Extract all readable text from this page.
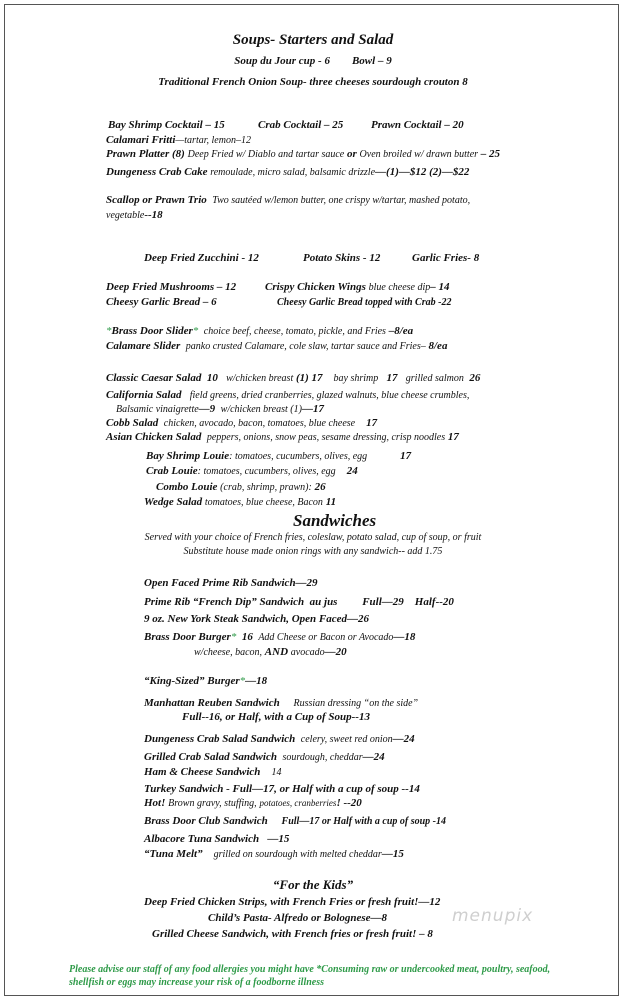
Soups- Starters and Salad
Soup du Jour cup - 6 Bowl – 9
Traditional French Onion Soup- three cheeses sourdough crouton 8
Bay Shrimp Cocktail – 15	Crab Cocktail – 25	Prawn Cocktail – 20
Calamari Fritti—tartar, lemon–12
Prawn Platter (8) Deep Fried w/ Diablo and tartar sauce or Oven broiled w/ drawn butter – 25
Dungeness Crab Cake remoulade, micro salad, balsamic drizzle—(1)—$12 (2)—$22
Scallop or Prawn Trio Two sautéed w/lemon butter, one crispy w/tartar, mashed potato,
vegetable--18
Deep Fried Zucchini - 12	Potato Skins - 12	Garlic Fries- 8
Deep Fried Mushrooms – 12	Crispy Chicken Wings blue cheese dip– 14
Cheesy Garlic Bread – 6	Cheesy Garlic Bread topped with Crab -22
*Brass Door Slider* choice beef, cheese, tomato, pickle, and Fries –8/ea
Calamare Slider panko crusted Calamare, cole slaw, tartar sauce and Fries– 8/ea
Classic Caesar Salad 10 w/chicken breast (1) 17 bay shrimp 17 grilled salmon 26
California Salad field greens, dried cranberries, glazed walnuts, blue cheese crumbles,
Balsamic vinaigrette—9 w/chicken breast (1)—17
Cobb Salad chicken, avocado, bacon, tomatoes, blue cheese 17
Asian Chicken Salad peppers, onions, snow peas, sesame dressing, crisp noodles 17
Bay Shrimp Louie: tomatoes, cucumbers, olives, egg	17
Crab Louie: tomatoes, cucumbers, olives, egg 24
Combo Louie (crab, shrimp, prawn): 26
Wedge Salad tomatoes, blue cheese, Bacon 11
Sandwiches
Served with your choice of French fries, coleslaw, potato salad, cup of soup, or fruit
Substitute house made onion rings with any sandwich-- add 1.75
Open Faced Prime Rib Sandwich—29
Prime Rib “French Dip” Sandwich au jus Full—29 Half--20
9 oz. New York Steak Sandwich, Open Faced—26
Brass Door Burger* 16 Add Cheese or Bacon or Avocado—18
w/cheese, bacon, AND avocado—20
“King-Sized” Burger*—18
Manhattan Reuben Sandwich Russian dressing “on the side”
Full--16, or Half, with a Cup of Soup--13
Dungeness Crab Salad Sandwich celery, sweet red onion—24
Grilled Crab Salad Sandwich sourdough, cheddar—24
Ham & Cheese Sandwich 14
Turkey Sandwich - Full—17, or Half with a cup of soup --14
Hot! Brown gravy, stuffing, potatoes, cranberries! --20
Brass Door Club Sandwich Full—17 or Half with a cup of soup -14
Albacore Tuna Sandwich —15
“Tuna Melt” grilled on sourdough with melted cheddar—15
“For the Kids”
Deep Fried Chicken Strips, with French Fries or fresh fruit!—12
Child’s Pasta- Alfredo or Bolognese—8
Grilled Cheese Sandwich, with French fries or fresh fruit! – 8
menupix
Please advise our staff of any food allergies you might have *Consuming raw or undercooked meat, poultry, seafood,
shellfish or eggs may increase your risk of a foodborne illness
